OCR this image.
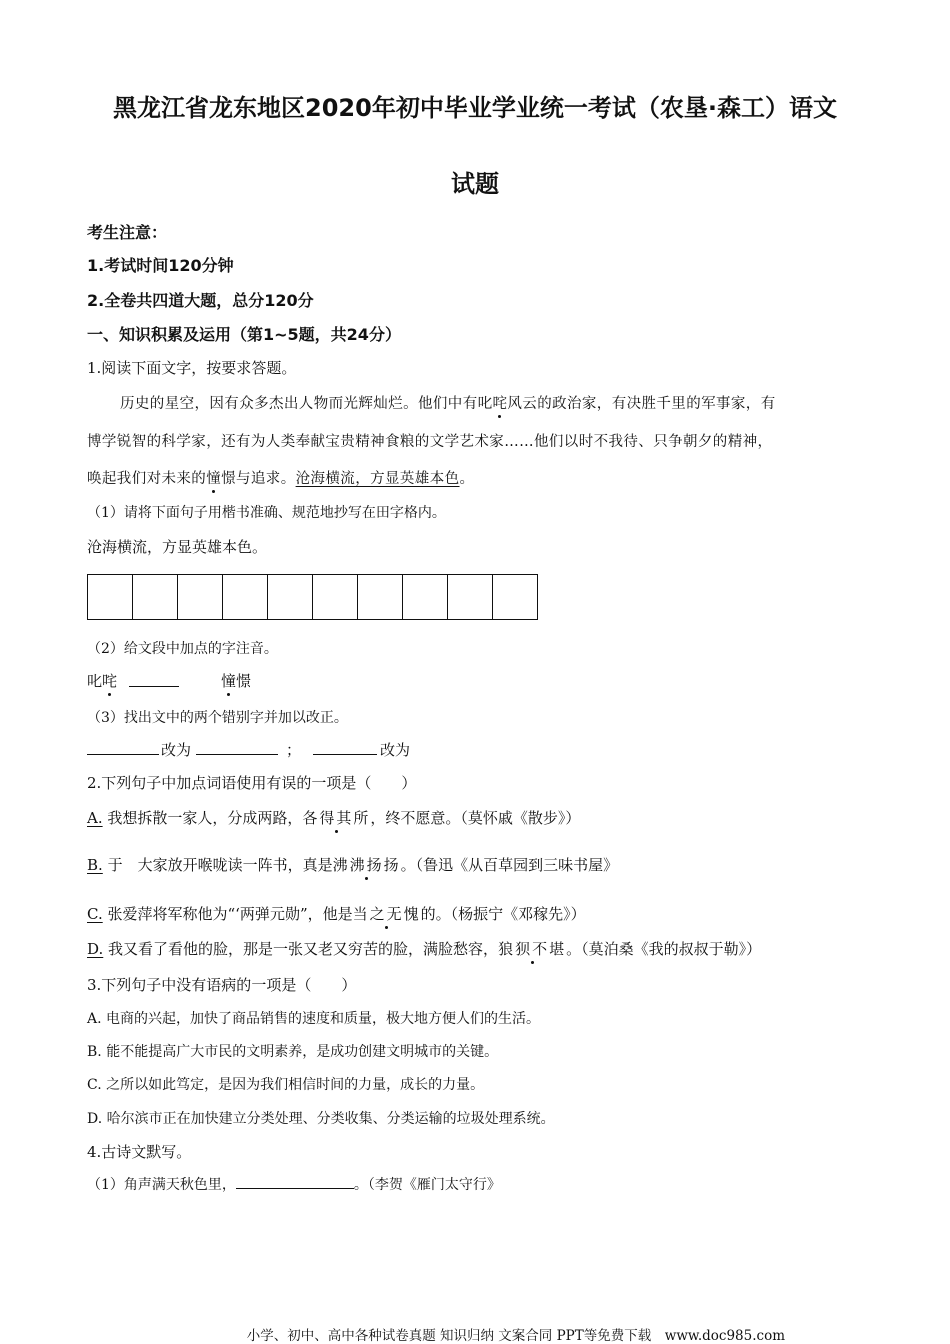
黑龙江省龙东地区2020年初中毕业学业统一考试（农垦·森工）语文
试题
考生注意：
1.考试时间120分钟
2.全卷共四道大题，总分120分
一、知识积累及运用（第1~5题，共24分）
1.阅读下面文字，按要求答题。
历史的星空，因有众多杰出人物而光辉灿烂。他们中有叱咤风云的政治家，有决胜千里的军事家，有
博学锐智的科学家，还有为人类奉献宝贵精神食粮的文学艺术家……他们以时不我待、只争朝夕的精神，
唤起我们对未来的憧憬与追求。沧海横流，方显英雄本色。
（1）请将下面句子用楷书准确、规范地抄写在田字格内。
沧海横流，方显英雄本色。
（2）给文段中加点的字注音。
叱咤	憧憬
（3）找出文中的两个错别字并加以改正。
改为	；	改为
2.下列句子中加点词语使用有误的一项是（　　）
A. 我想拆散一家人，分成两路，各得其所，终不愿意。（莫怀戚《散步》）
B. 于　大家放开喉咙读一阵书，真是沸沸扬扬。（鲁迅《从百草园到三味书屋》
C. 张爱萍将军称他为“‘两弹元勋”，他是当之无愧的。（杨振宁《邓稼先》）
D. 我又看了看他的脸，那是一张又老又穷苦的脸，满脸愁容，狼狈不堪。（莫泊桑《我的叔叔于勒》）
3.下列句子中没有语病的一项是（　　）
A. 电商的兴起，加快了商品销售的速度和质量，极大地方便人们的生活。
B. 能不能提高广大市民的文明素养，是成功创建文明城市的关键。
C. 之所以如此笃定，是因为我们相信时间的力量，成长的力量。
D. 哈尔滨市正在加快建立分类处理、分类收集、分类运输的垃圾处理系统。
4.古诗文默写。
（1）角声满天秋色里，	。（李贺《雁门太守行》
小学、初中、高中各种试卷真题 知识归纳 文案合同 PPT等免费下载　www.doc985.com
